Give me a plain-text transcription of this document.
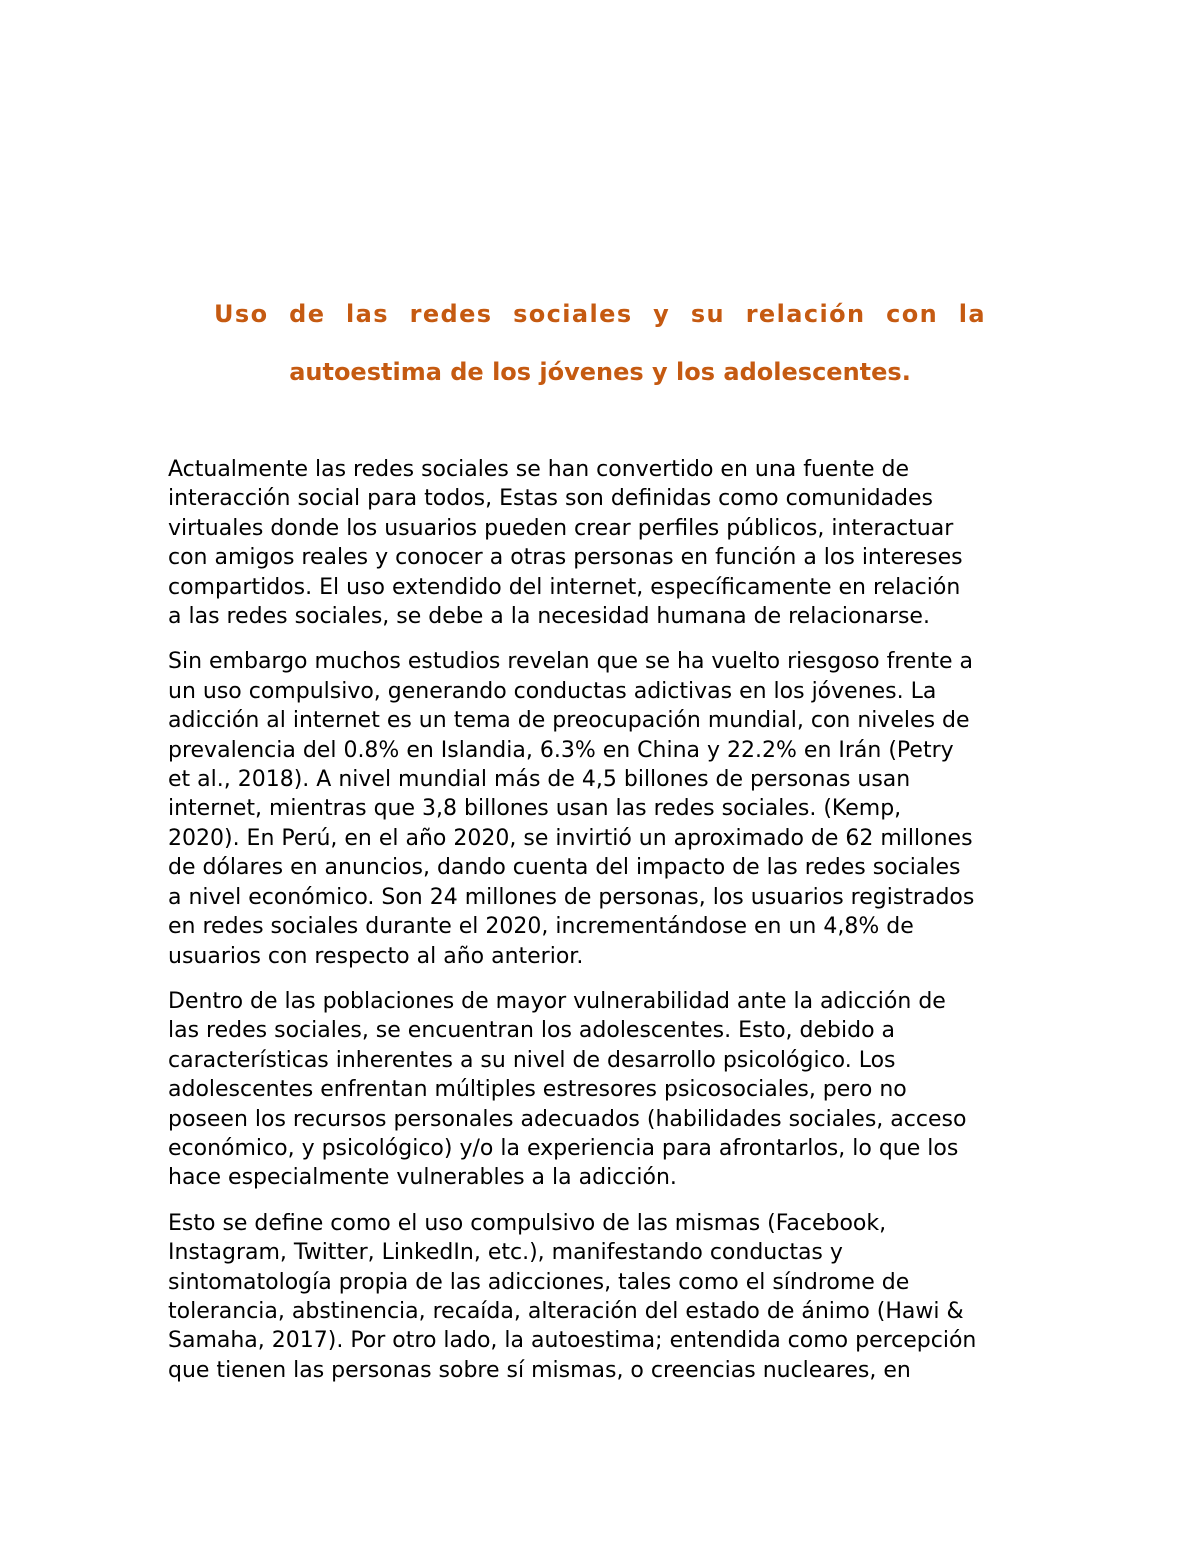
Uso de las redes sociales y su relación con la
autoestima de los jóvenes y los adolescentes.

Actualmente las redes sociales se han convertido en una fuente de
interacción social para todos, Estas son definidas como comunidades
virtuales donde los usuarios pueden crear perfiles públicos, interactuar
con amigos reales y conocer a otras personas en función a los intereses
compartidos. El uso extendido del internet, específicamente en relación
a las redes sociales, se debe a la necesidad humana de relacionarse.

Sin embargo muchos estudios revelan que se ha vuelto riesgoso frente a
un uso compulsivo, generando conductas adictivas en los jóvenes. La
adicción al internet es un tema de preocupación mundial, con niveles de
prevalencia del 0.8% en Islandia, 6.3% en China y 22.2% en Irán (Petry
et al., 2018). A nivel mundial más de 4,5 billones de personas usan
internet, mientras que 3,8 billones usan las redes sociales. (Kemp,
2020). En Perú, en el año 2020, se invirtió un aproximado de 62 millones
de dólares en anuncios, dando cuenta del impacto de las redes sociales
a nivel económico. Son 24 millones de personas, los usuarios registrados
en redes sociales durante el 2020, incrementándose en un 4,8% de
usuarios con respecto al año anterior.

Dentro de las poblaciones de mayor vulnerabilidad ante la adicción de
las redes sociales, se encuentran los adolescentes. Esto, debido a
características inherentes a su nivel de desarrollo psicológico. Los
adolescentes enfrentan múltiples estresores psicosociales, pero no
poseen los recursos personales adecuados (habilidades sociales, acceso
económico, y psicológico) y/o la experiencia para afrontarlos, lo que los
hace especialmente vulnerables a la adicción.

Esto se define como el uso compulsivo de las mismas (Facebook,
Instagram, Twitter, LinkedIn, etc.), manifestando conductas y
sintomatología propia de las adicciones, tales como el síndrome de
tolerancia, abstinencia, recaída, alteración del estado de ánimo (Hawi &
Samaha, 2017). Por otro lado, la autoestima; entendida como percepción
que tienen las personas sobre sí mismas, o creencias nucleares, en
